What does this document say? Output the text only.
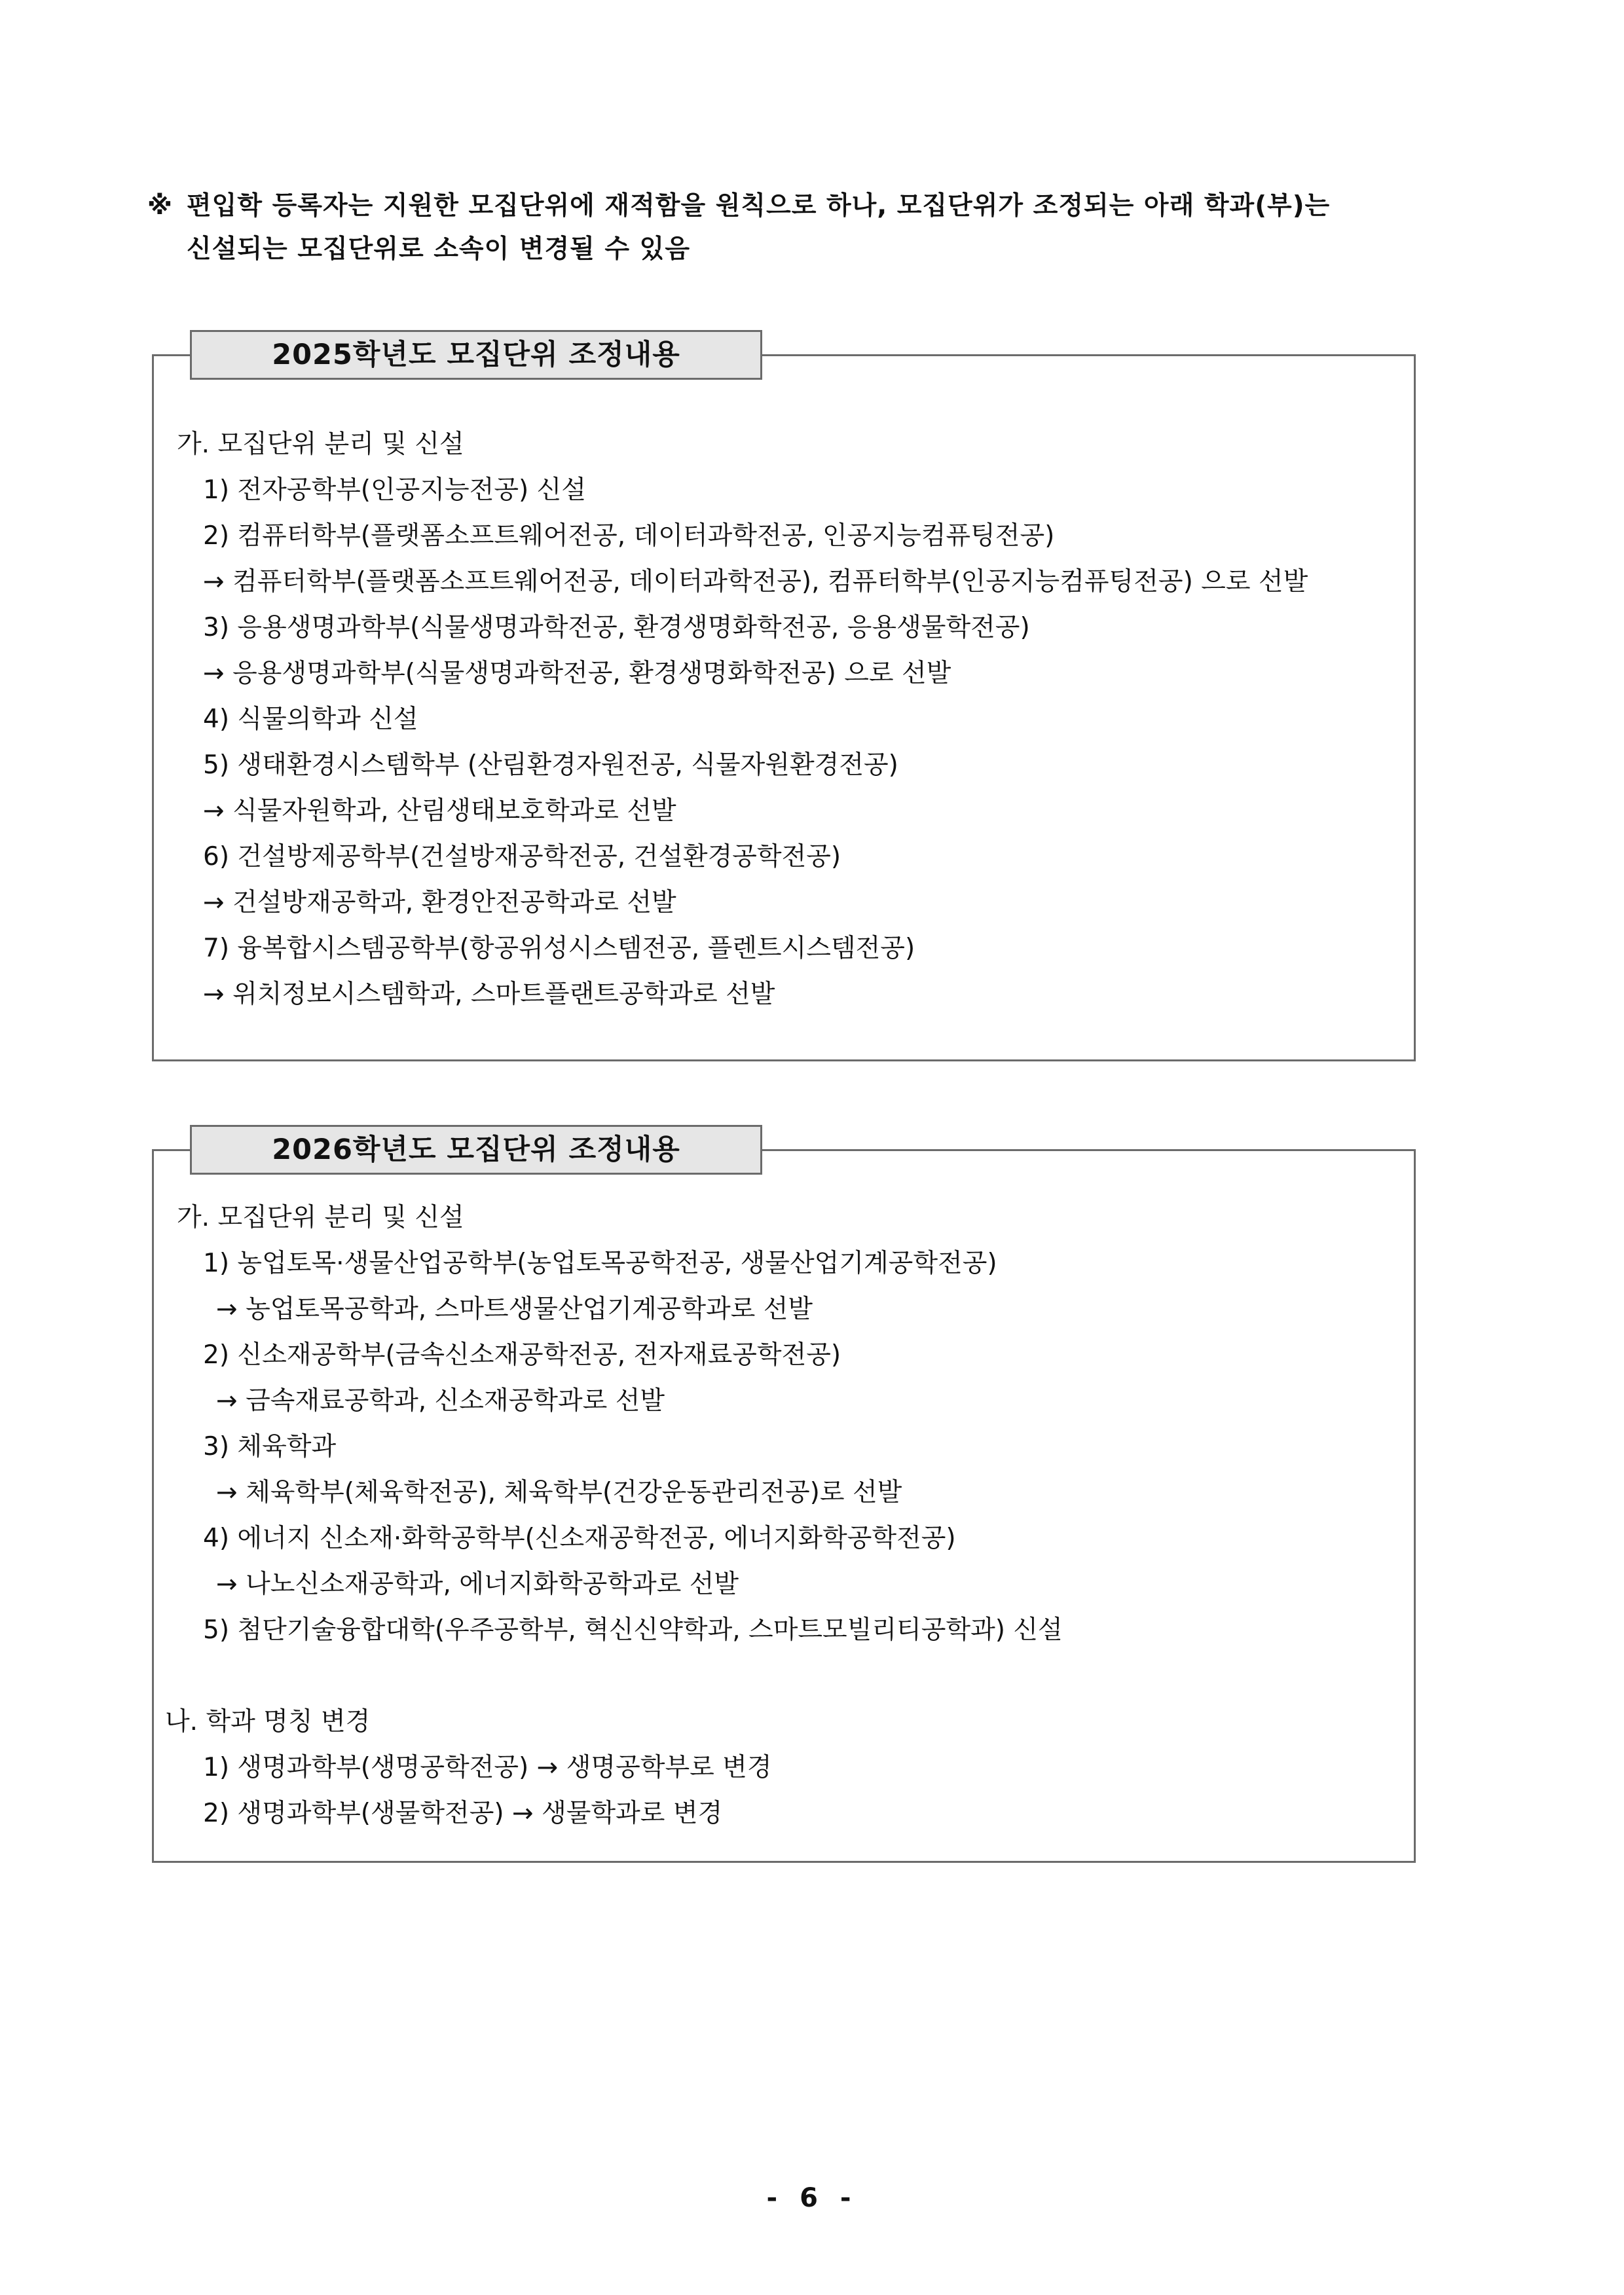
※ 편입학 등록자는 지원한 모집단위에 재적함을 원칙으로 하나, 모집단위가 조정되는 아래 학과(부)는
신설되는 모집단위로 소속이 변경될 수 있음
가. 모집단위 분리 및 신설
1) 전자공학부(인공지능전공) 신설
2) 컴퓨터학부(플랫폼소프트웨어전공, 데이터과학전공, 인공지능컴퓨팅전공)
→ 컴퓨터학부(플랫폼소프트웨어전공, 데이터과학전공), 컴퓨터학부(인공지능컴퓨팅전공) 으로 선발
3) 응용생명과학부(식물생명과학전공, 환경생명화학전공, 응용생물학전공)
→ 응용생명과학부(식물생명과학전공, 환경생명화학전공) 으로 선발
4) 식물의학과 신설
5) 생태환경시스템학부 (산림환경자원전공, 식물자원환경전공)
→ 식물자원학과, 산림생태보호학과로 선발
6) 건설방제공학부(건설방재공학전공, 건설환경공학전공)
→ 건설방재공학과, 환경안전공학과로 선발
7) 융복합시스템공학부(항공위성시스템전공, 플렌트시스템전공)
→ 위치정보시스템학과, 스마트플랜트공학과로 선발
2025학년도 모집단위 조정내용
가. 모집단위 분리 및 신설
1) 농업토목·생물산업공학부(농업토목공학전공, 생물산업기계공학전공)
→ 농업토목공학과, 스마트생물산업기계공학과로 선발
2) 신소재공학부(금속신소재공학전공, 전자재료공학전공)
→ 금속재료공학과, 신소재공학과로 선발
3) 체육학과
→ 체육학부(체육학전공), 체육학부(건강운동관리전공)로 선발
4) 에너지 신소재·화학공학부(신소재공학전공, 에너지화학공학전공)
→ 나노신소재공학과, 에너지화학공학과로 선발
5) 첨단기술융합대학(우주공학부, 혁신신약학과, 스마트모빌리티공학과) 신설
나. 학과 명칭 변경
1) 생명과학부(생명공학전공) → 생명공학부로 변경
2) 생명과학부(생물학전공) → 생물학과로 변경
2026학년도 모집단위 조정내용
- 6 -
